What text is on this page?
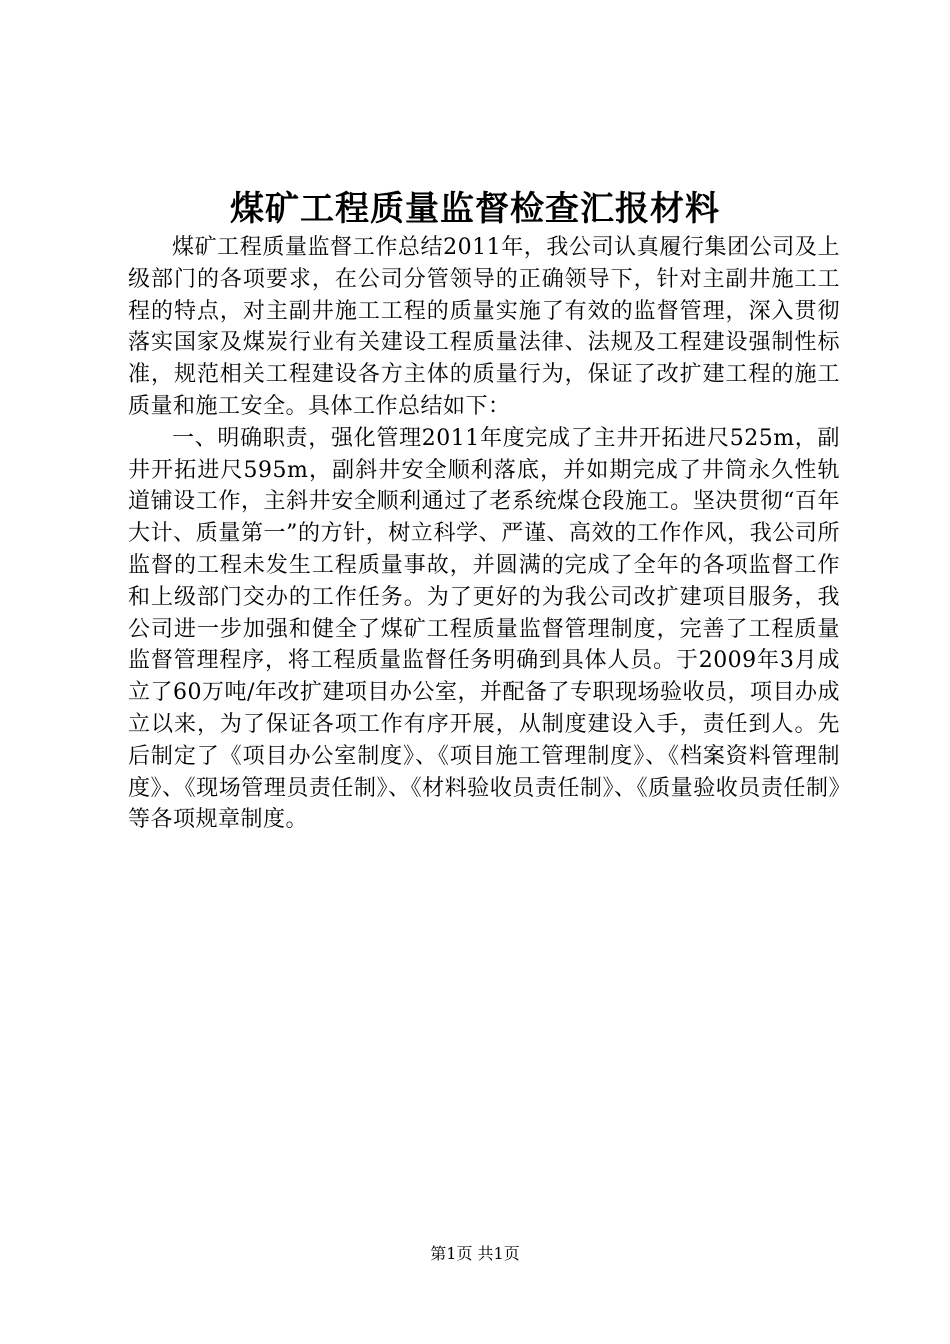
煤矿工程质量监督检查汇报材料

煤矿工程质量监督工作总结2011年，我公司认真履行集团公司及上级部门的各项要求，在公司分管领导的正确领导下，针对主副井施工工程的特点，对主副井施工工程的质量实施了有效的监督管理，深入贯彻落实国家及煤炭行业有关建设工程质量法律、法规及工程建设强制性标准，规范相关工程建设各方主体的质量行为，保证了改扩建工程的施工质量和施工安全。具体工作总结如下：

一、明确职责，强化管理2011年度完成了主井开拓进尺525m，副井开拓进尺595m，副斜井安全顺利落底，并如期完成了井筒永久性轨道铺设工作，主斜井安全顺利通过了老系统煤仓段施工。坚决贯彻“百年大计、质量第一”的方针，树立科学、严谨、高效的工作作风，我公司所监督的工程未发生工程质量事故，并圆满的完成了全年的各项监督工作和上级部门交办的工作任务。为了更好的为我公司改扩建项目服务，我公司进一步加强和健全了煤矿工程质量监督管理制度，完善了工程质量监督管理程序，将工程质量监督任务明确到具体人员。于2009年3月成立了60万吨/年改扩建项目办公室，并配备了专职现场验收员，项目办成立以来，为了保证各项工作有序开展，从制度建设入手，责任到人。先后制定了《项目办公室制度》、《项目施工管理制度》、《档案资料管理制度》、《现场管理员责任制》、《材料验收员责任制》、《质量验收员责任制》等各项规章制度。

第1页 共1页
